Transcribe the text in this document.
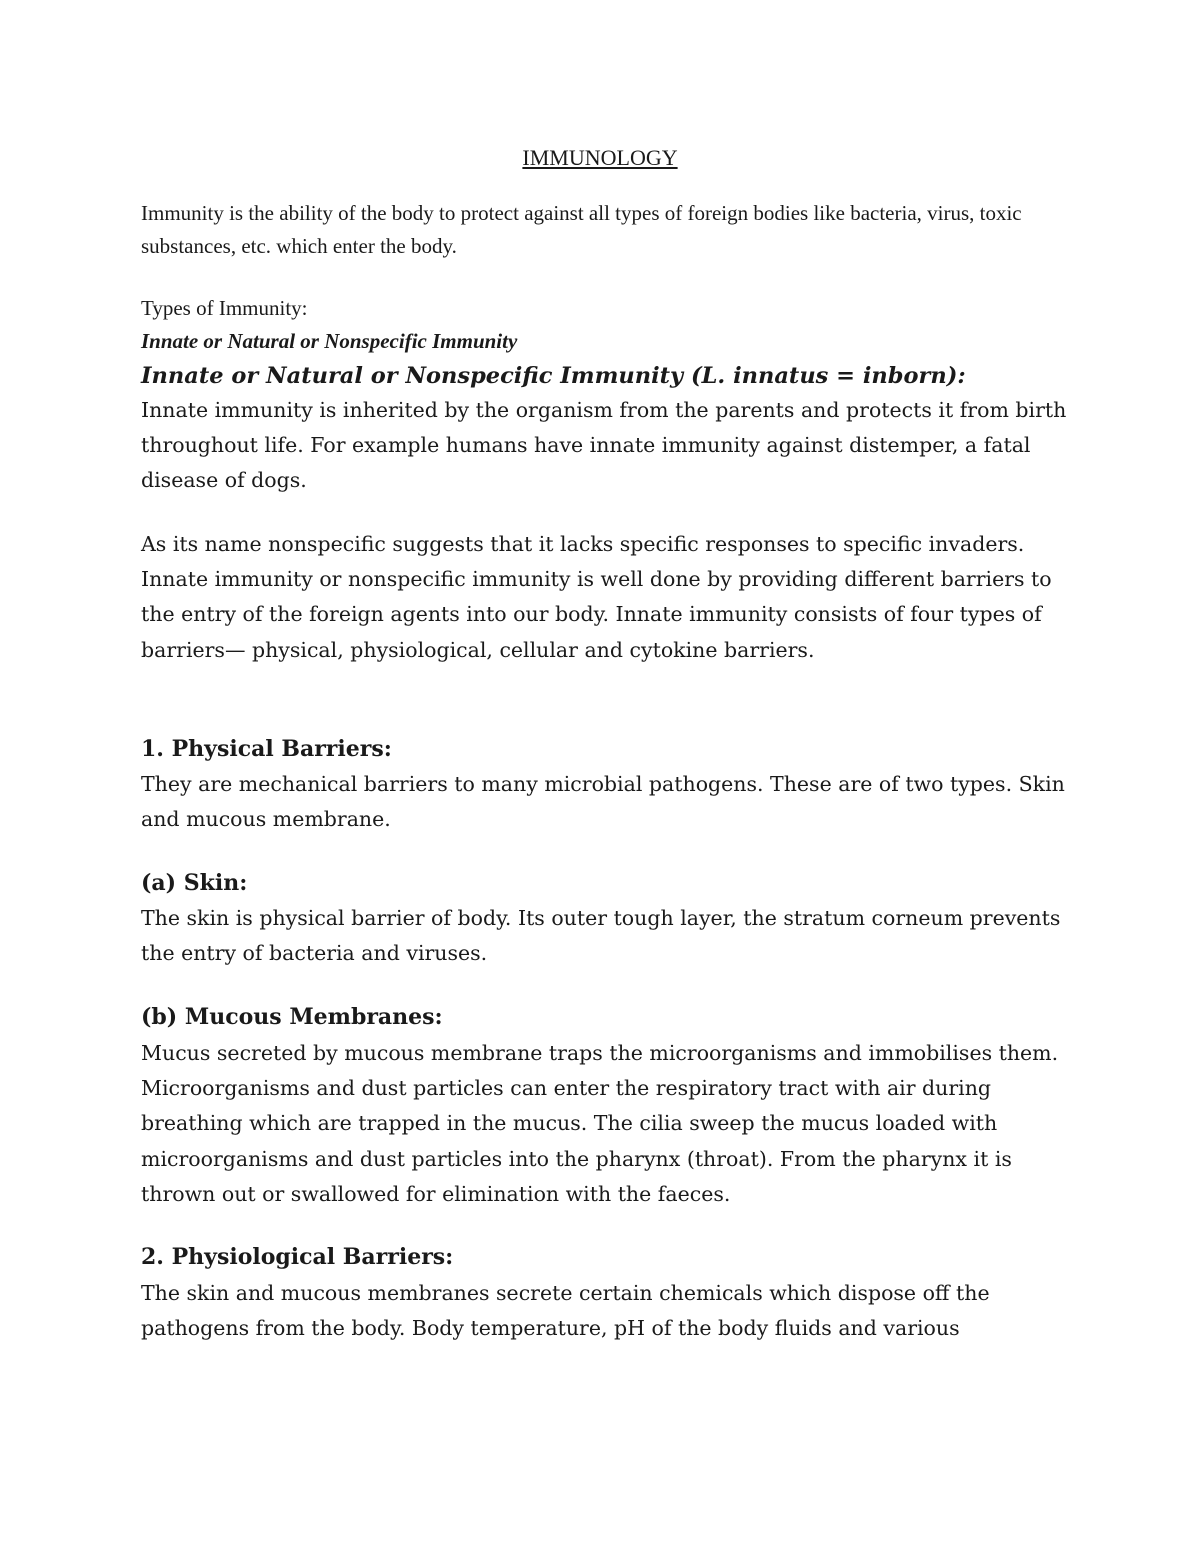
IMMUNOLOGY

Immunity is the ability of the body to protect against all types of foreign bodies like bacteria, virus, toxic substances, etc. which enter the body.

Types of Immunity:

Innate or Natural or Nonspecific Immunity

Innate or Natural or Nonspecific Immunity (L. innatus = inborn):

Innate immunity is inherited by the organism from the parents and protects it from birth throughout life. For example humans have innate immunity against distemper, a fatal disease of dogs.

As its name nonspecific suggests that it lacks specific responses to specific invaders. Innate immunity or nonspecific immunity is well done by providing different barriers to the entry of the foreign agents into our body. Innate immunity consists of four types of barriers— physical, physiological, cellular and cytokine barriers.

1. Physical Barriers:

They are mechanical barriers to many microbial pathogens. These are of two types. Skin and mucous membrane.

(a) Skin:

The skin is physical barrier of body. Its outer tough layer, the stratum corneum prevents the entry of bacteria and viruses.

(b) Mucous Membranes:

Mucus secreted by mucous membrane traps the microorganisms and immobilises them. Microorganisms and dust particles can enter the respiratory tract with air during breathing which are trapped in the mucus. The cilia sweep the mucus loaded with microorganisms and dust particles into the pharynx (throat). From the pharynx it is thrown out or swallowed for elimination with the faeces.

2. Physiological Barriers:

The skin and mucous membranes secrete certain chemicals which dispose off the pathogens from the body. Body temperature, pH of the body fluids and various
